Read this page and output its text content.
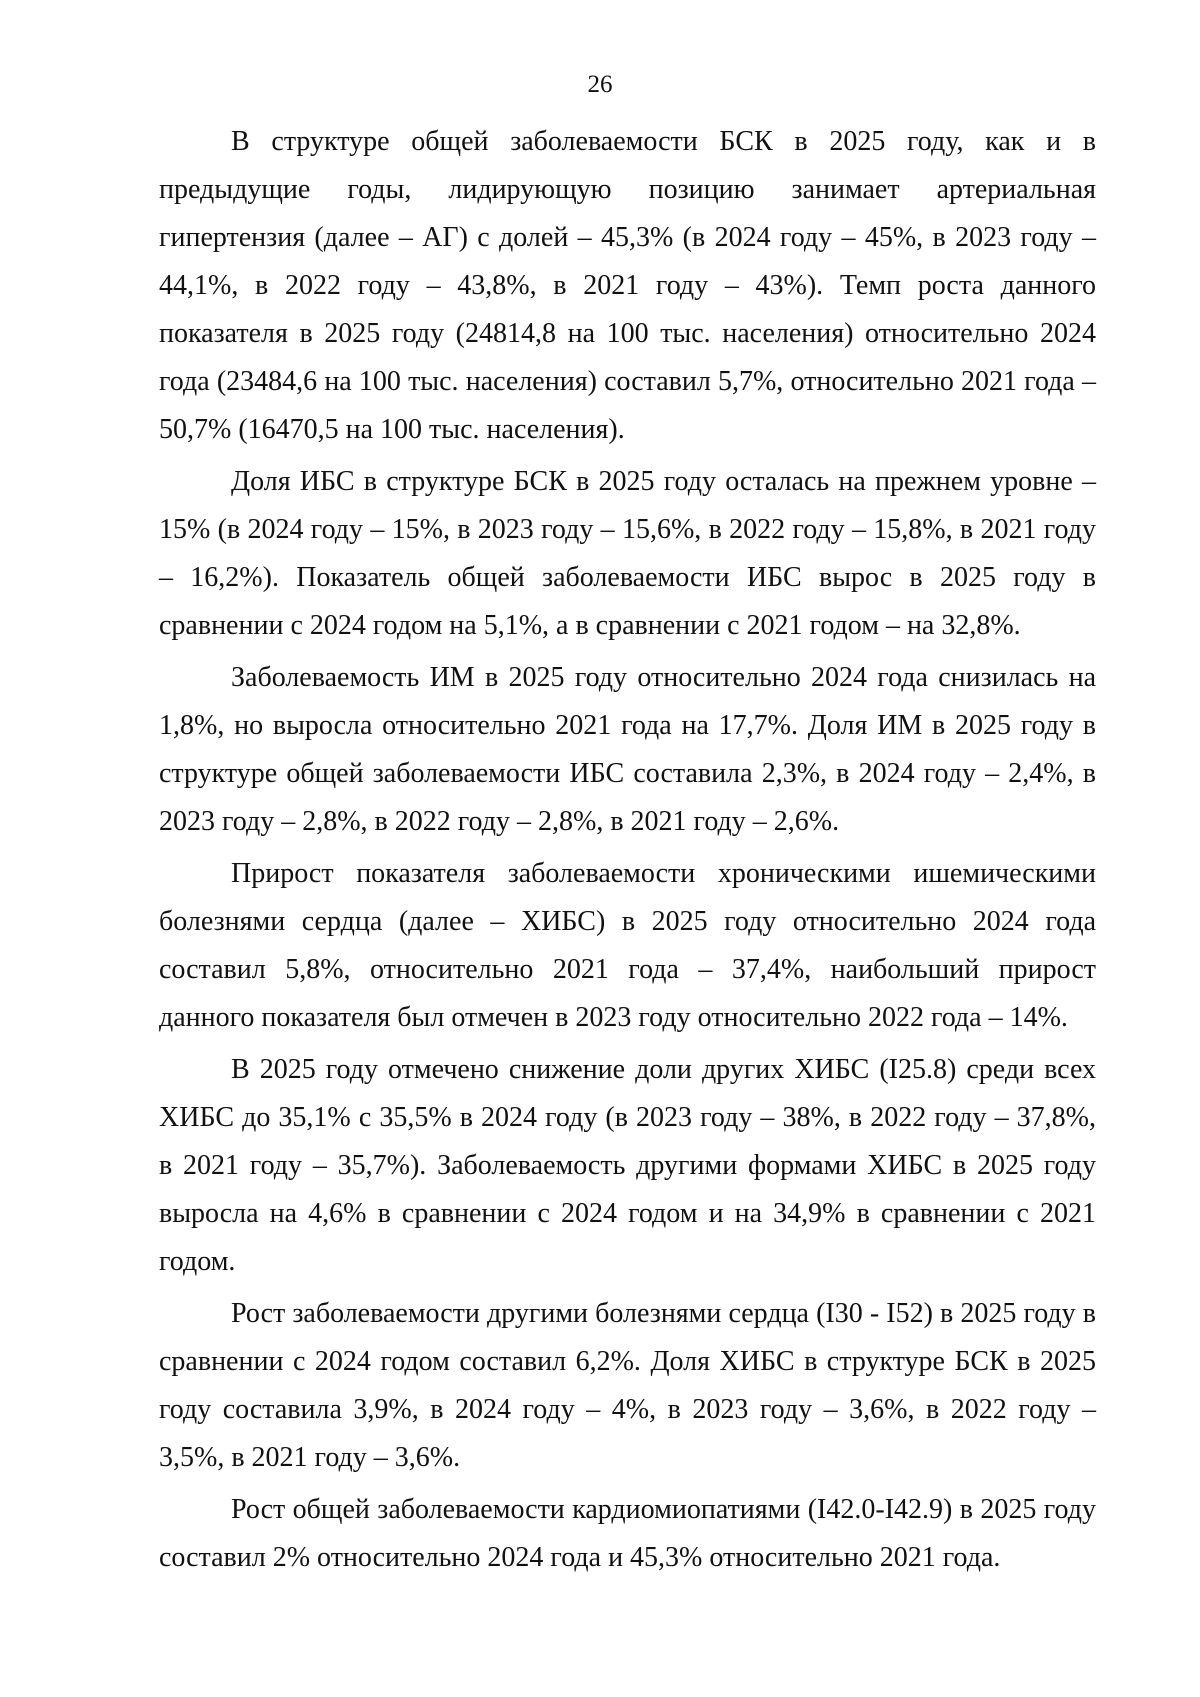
26

В структуре общей заболеваемости БСК в 2025 году, как и в предыдущие годы, лидирующую позицию занимает артериальная гипертензия (далее – АГ) с долей – 45,3% (в 2024 году – 45%, в 2023 году – 44,1%, в 2022 году – 43,8%, в 2021 году – 43%). Темп роста данного показателя в 2025 году (24814,8 на 100 тыс. населения) относительно 2024 года (23484,6 на 100 тыс. населения) составил 5,7%, относительно 2021 года – 50,7% (16470,5 на 100 тыс. населения).

Доля ИБС в структуре БСК в 2025 году осталась на прежнем уровне – 15% (в 2024 году – 15%, в 2023 году – 15,6%, в 2022 году – 15,8%, в 2021 году – 16,2%). Показатель общей заболеваемости ИБС вырос в 2025 году в сравнении с 2024 годом на 5,1%, а в сравнении с 2021 годом – на 32,8%.

Заболеваемость ИМ в 2025 году относительно 2024 года снизилась на 1,8%, но выросла относительно 2021 года на 17,7%. Доля ИМ в 2025 году в структуре общей заболеваемости ИБС составила 2,3%, в 2024 году – 2,4%, в 2023 году – 2,8%, в 2022 году – 2,8%, в 2021 году – 2,6%.

Прирост показателя заболеваемости хроническими ишемическими болезнями сердца (далее – ХИБС) в 2025 году относительно 2024 года составил 5,8%, относительно 2021 года – 37,4%, наибольший прирост данного показателя был отмечен в 2023 году относительно 2022 года – 14%.

В 2025 году отмечено снижение доли других ХИБС (I25.8) среди всех ХИБС до 35,1% с 35,5% в 2024 году (в 2023 году – 38%, в 2022 году – 37,8%, в 2021 году – 35,7%). Заболеваемость другими формами ХИБС в 2025 году выросла на 4,6% в сравнении с 2024 годом и на 34,9% в сравнении с 2021 годом.

Рост заболеваемости другими болезнями сердца (I30 - I52) в 2025 году в сравнении с 2024 годом составил 6,2%. Доля ХИБС в структуре БСК в 2025 году составила 3,9%, в 2024 году – 4%, в 2023 году – 3,6%, в 2022 году – 3,5%, в 2021 году – 3,6%.

Рост общей заболеваемости кардиомиопатиями (I42.0-I42.9) в 2025 году составил 2% относительно 2024 года и 45,3% относительно 2021 года.
